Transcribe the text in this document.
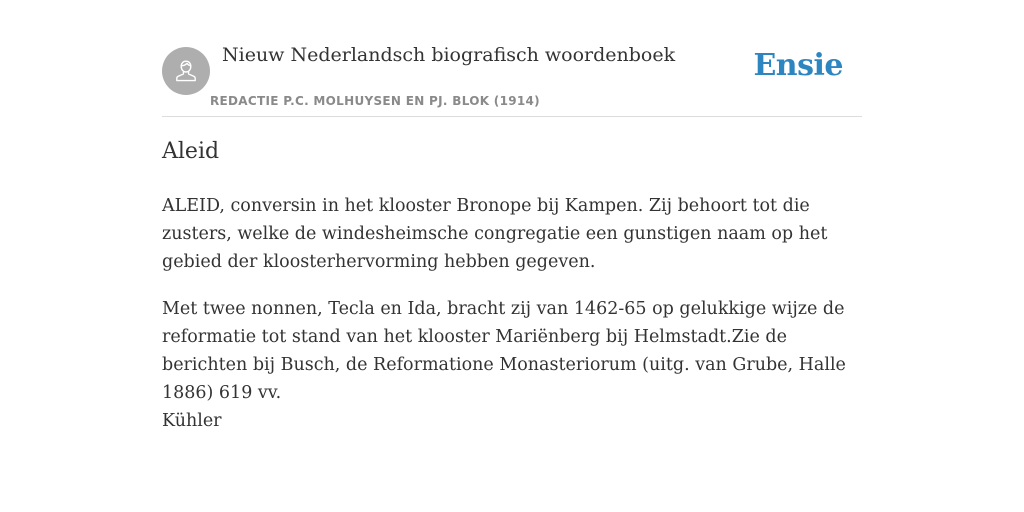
Nieuw Nederlandsch biografisch woordenboek
REDACTIE P.C. MOLHUYSEN EN PJ. BLOK (1914)
Ensie
Aleid

ALEID, conversin in het klooster Bronope bij Kampen. Zij behoort tot die zusters, welke de windesheimsche congregatie een gunstigen naam op het gebied der kloosterhervorming hebben gegeven.

Met twee nonnen, Tecla en Ida, bracht zij van 1462-65 op gelukkige wijze de reformatie tot stand van het klooster Mariënberg bij Helmstadt.Zie de berichten bij Busch, de Reformatione Monasteriorum (uitg. van Grube, Halle 1886) 619 vv.

Kühler
